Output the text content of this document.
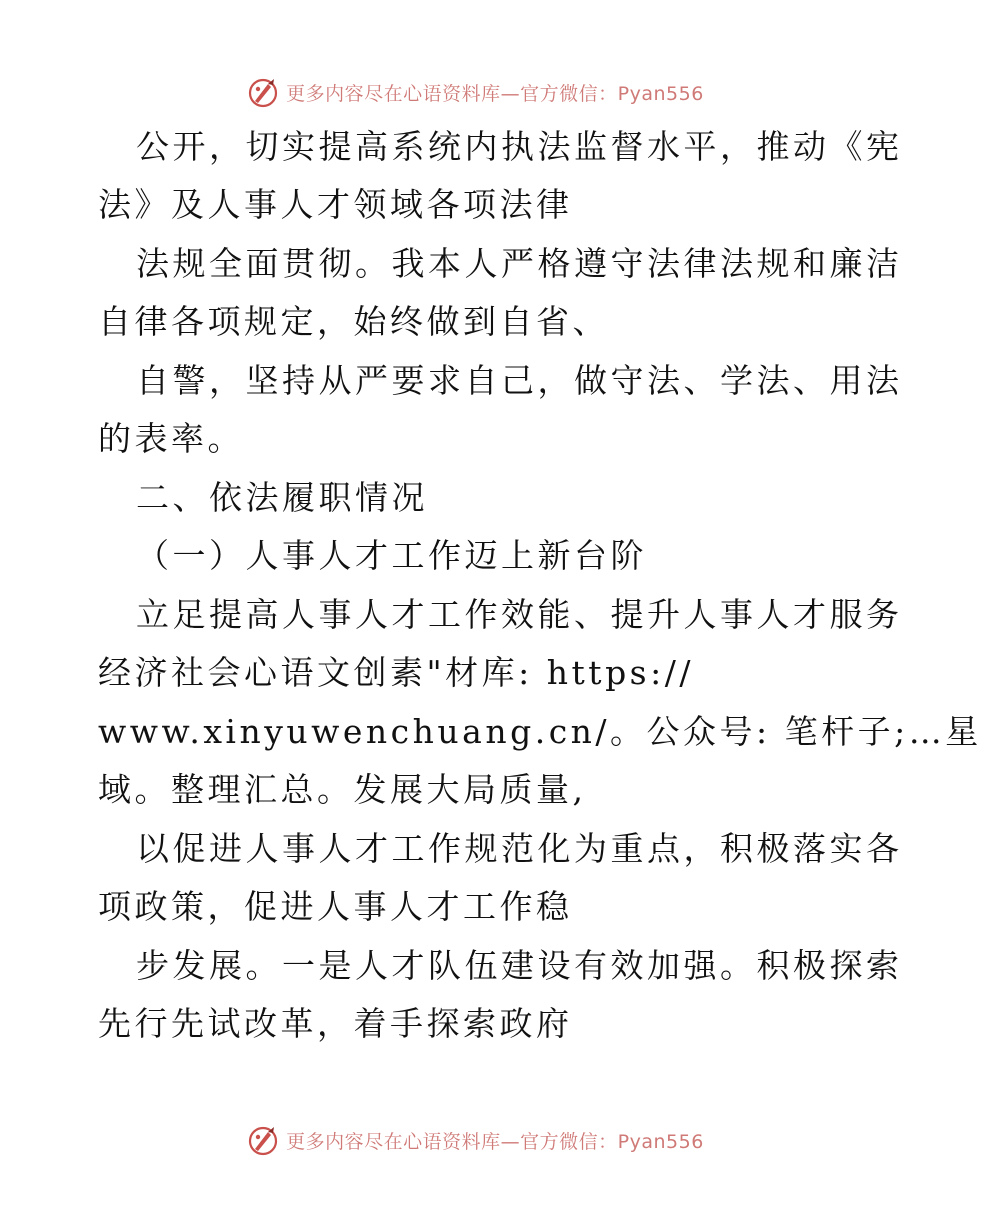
更多内容尽在心语资料库—官方微信：Pyan556
公开，切实提高系统内执法监督水平，推动《宪
法》及人事人才领域各项法律
法规全面贯彻。我本人严格遵守法律法规和廉洁
自律各项规定，始终做到自省、
自警，坚持从严要求自己，做守法、学法、用法
的表率。
二、依法履职情况
（一）人事人才工作迈上新台阶
立足提高人事人才工作效能、提升人事人才服务
经济社会心语文创素"材库: https://
www.xinyuwenchuang.cn/。公众号: 笔杆子;…星
域。整理汇总。发展大局质量,
以促进人事人才工作规范化为重点，积极落实各
项政策，促进人事人才工作稳
步发展。一是人才队伍建设有效加强。积极探索
先行先试改革，着手探索政府
更多内容尽在心语资料库—官方微信：Pyan556
